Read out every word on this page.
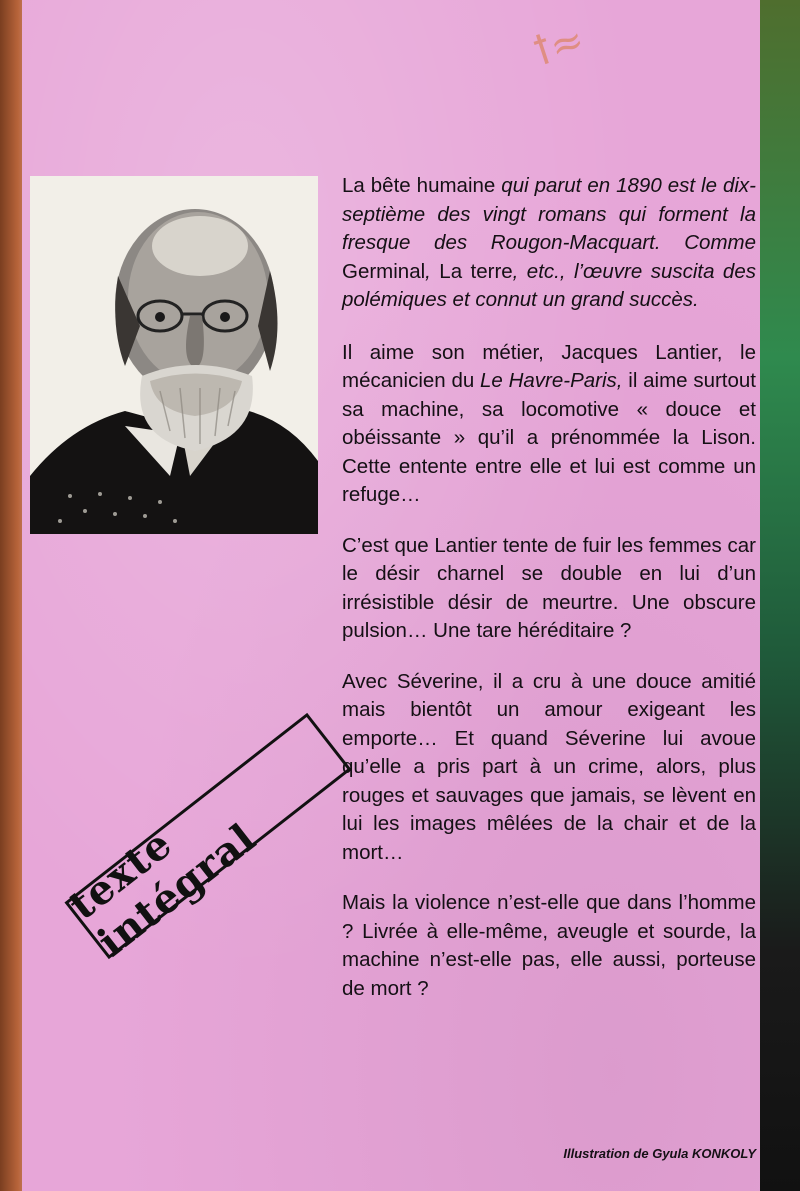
ꝉ≈

La bête humaine qui parut en 1890 est le dix-septième des vingt romans qui forment la fresque des Rougon-Macquart. Comme Germinal, La terre, etc., l’œuvre suscita des polémiques et connut un grand succès.

Il aime son métier, Jacques Lantier, le mécanicien du Le Havre-Paris, il aime surtout sa machine, sa locomotive « douce et obéissante » qu’il a prénommée la Lison. Cette entente entre elle et lui est comme un refuge…

C’est que Lantier tente de fuir les femmes car le désir charnel se double en lui d’un irrésistible désir de meurtre. Une obscure pulsion… Une tare héréditaire ?

Avec Séverine, il a cru à une douce amitié mais bientôt un amour exigeant les emporte… Et quand Séverine lui avoue qu’elle a pris part à un crime, alors, plus rouges et sauvages que jamais, se lèvent en lui les images mêlées de la chair et de la mort…

Mais la violence n’est-elle que dans l’homme ? Livrée à elle-même, aveugle et sourde, la machine n’est-elle pas, elle aussi, porteuse de mort ?

texte intégral
Illustration de Gyula KONKOLY
